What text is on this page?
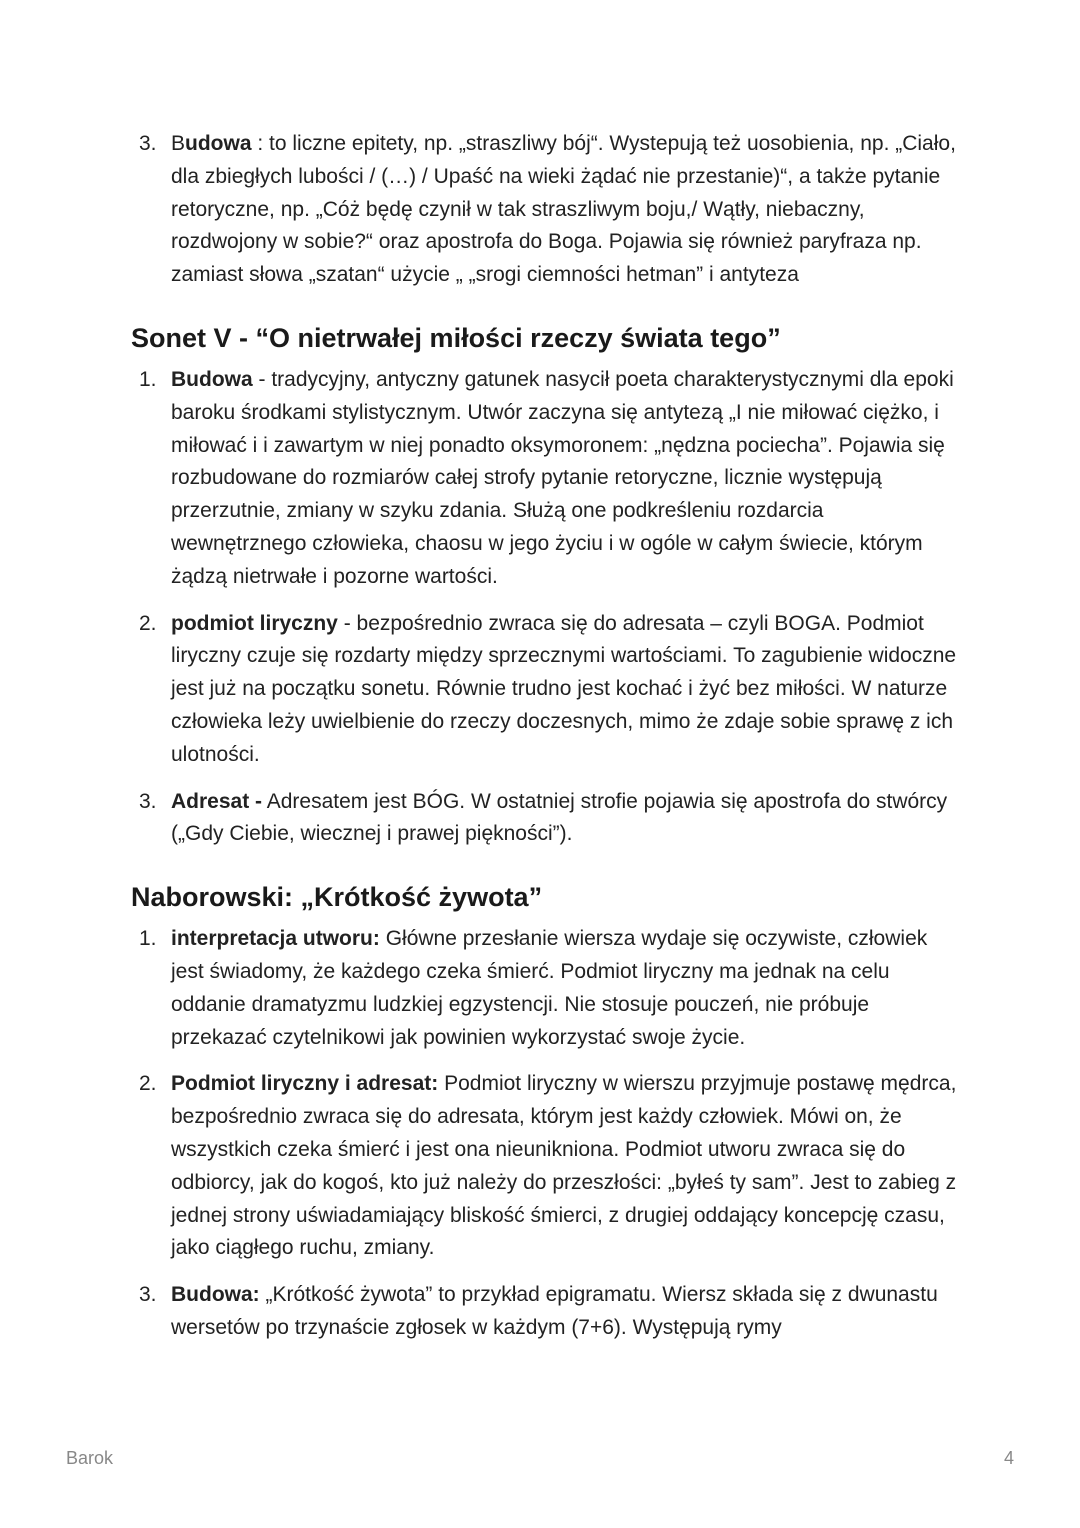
3. Budowa : to liczne epitety, np. „straszliwy bój“. Wystepują też uosobienia, np. „Ciało, dla zbiegłych lubości / (…) / Upaść na wieki żądać nie przestanie)“, a także pytanie retoryczne, np. „Cóż będę czynił w tak straszliwym boju,/ Wątły, niebaczny, rozdwojony w sobie?“ oraz apostrofa do Boga. Pojawia się również paryfraza np. zamiast słowa „szatan“ użycie „ „srogi ciemności hetman” i antyteza
Sonet V - “O nietrwałej miłości rzeczy świata tego”
1. Budowa - tradycyjny, antyczny gatunek nasycił poeta charakterystycznymi dla epoki baroku środkami stylistycznym. Utwór zaczyna się antytezą „I nie miłować ciężko, i miłować i i zawartym w niej ponadto oksymoronem: „nędzna pociecha”. Pojawia się rozbudowane do rozmiarów całej strofy pytanie retoryczne, licznie występują przerzutnie, zmiany w szyku zdania. Służą one podkreśleniu rozdarcia wewnętrznego człowieka, chaosu w jego życiu i w ogóle w całym świecie, którym żądzą nietrwałe i pozorne wartości.
2. podmiot liryczny - bezpośrednio zwraca się do adresata – czyli BOGA. Podmiot liryczny czuje się rozdarty między sprzecznymi wartościami. To zagubienie widoczne jest już na początku sonetu. Równie trudno jest kochać i żyć bez miłości. W naturze człowieka leży uwielbienie do rzeczy doczesnych, mimo że zdaje sobie sprawę z ich ulotności.
3. Adresat - Adresatem jest BÓG. W ostatniej strofie pojawia się apostrofa do stwórcy („Gdy Ciebie, wiecznej i prawej piękności”).
Naborowski: „Krótkość żywota”
1. interpretacja utworu: Główne przesłanie wiersza wydaje się oczywiste, człowiek jest świadomy, że każdego czeka śmierć. Podmiot liryczny ma jednak na celu oddanie dramatyzmu ludzkiej egzystencji. Nie stosuje pouczeń, nie próbuje przekazać czytelnikowi jak powinien wykorzystać swoje życie.
2. Podmiot liryczny i adresat: Podmiot liryczny w wierszu przyjmuje postawę mędrca, bezpośrednio zwraca się do adresata, którym jest każdy człowiek. Mówi on, że wszystkich czeka śmierć i jest ona nieunikniona. Podmiot utworu zwraca się do odbiorcy, jak do kogoś, kto już należy do przeszłości: „byłeś ty sam”. Jest to zabieg z jednej strony uświadamiający bliskość śmierci, z drugiej oddający koncepcję czasu, jako ciągłego ruchu, zmiany.
3. Budowa: „Krótkość żywota” to przykład epigramatu. Wiersz składa się z dwunastu wersetów po trzynaście zgłosek w każdym (7+6). Występują rymy
Barok	4
